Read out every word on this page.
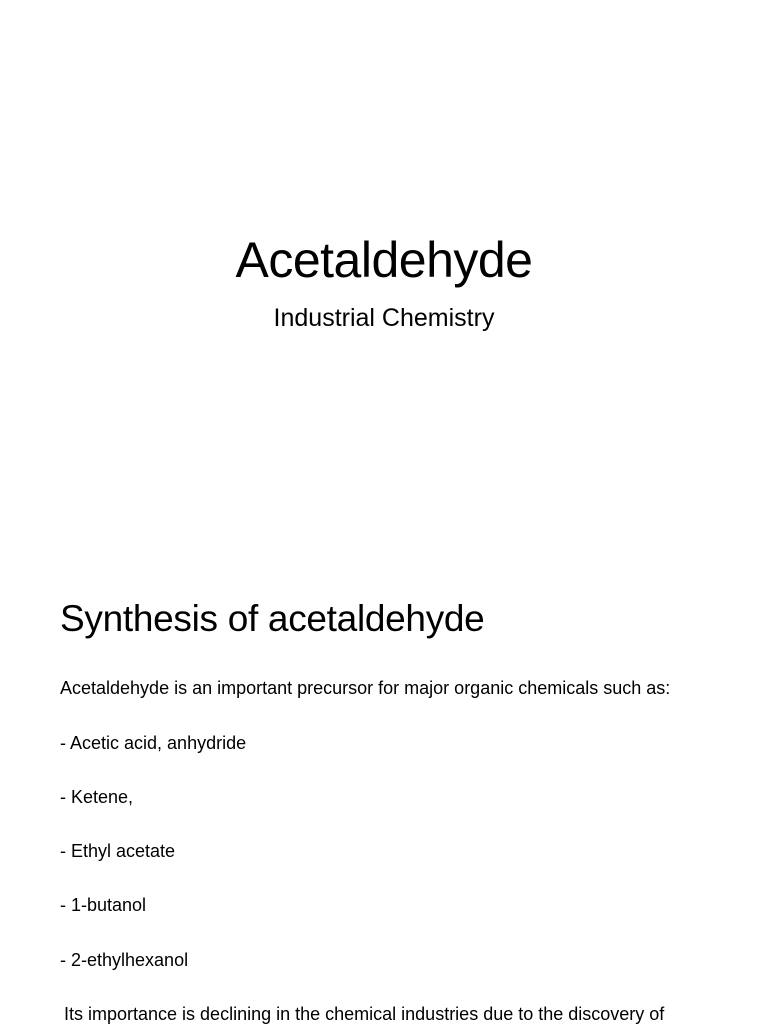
Acetaldehyde
Industrial Chemistry
Synthesis of acetaldehyde
Acetaldehyde is an important precursor for major organic chemicals such as:
- Acetic acid, anhydride
- Ketene,
- Ethyl acetate
- 1-butanol
- 2-ethylhexanol
Its importance is declining in the chemical industries due to the discovery of
